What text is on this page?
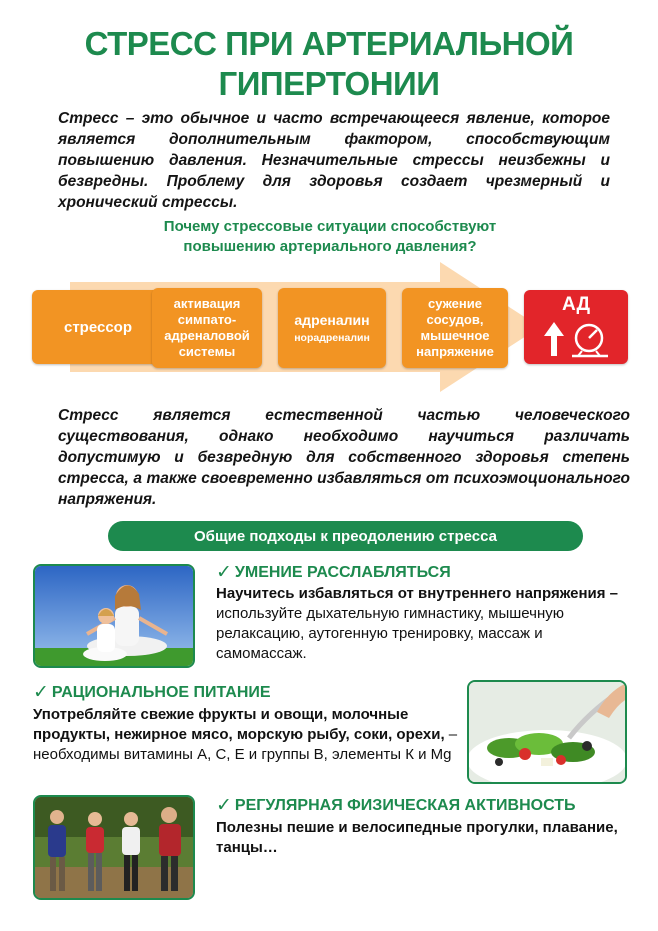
СТРЕСС ПРИ АРТЕРИАЛЬНОЙ
ГИПЕРТОНИИ

Стресс – это обычное и часто встречающееся явление, которое является дополнительным фактором, способствующим повышению давления. Незначительные стрессы неизбежны и безвредны. Проблему для здоровья создает чрезмерный и хронический стрессы.

Почему стрессовые ситуации способствуют
повышению артериального давления?
стрессор
активация
симпато-
адреналовой
системы
адреналин
норадреналин
сужение
сосудов,
мышечное
напряжение
АД

Стресс является естественной частью человеческого существования, однако необходимо научиться различать допустимую и безвредную для собственного здоровья степень стресса, а также своевременно избавляться от психоэмоционального напряжения.

Общие подходы к преодолению стресса
✓ УМЕНИЕ РАССЛАБЛЯТЬСЯ

Научитесь избавляться от внутреннего напряжения – используйте дыхательную гимнастику, мышечную релаксацию, аутогенную тренировку, массаж и самомассаж.

✓ РАЦИОНАЛЬНОЕ ПИТАНИЕ

Употребляйте свежие фрукты и овощи, молочные продукты, нежирное мясо, морскую рыбу, соки, орехи, – необходимы витамины А, С, Е и группы В, элементы К и Mg

✓ РЕГУЛЯРНАЯ ФИЗИЧЕСКАЯ АКТИВНОСТЬ

Полезны пешие и велосипедные прогулки, плавание, танцы…
